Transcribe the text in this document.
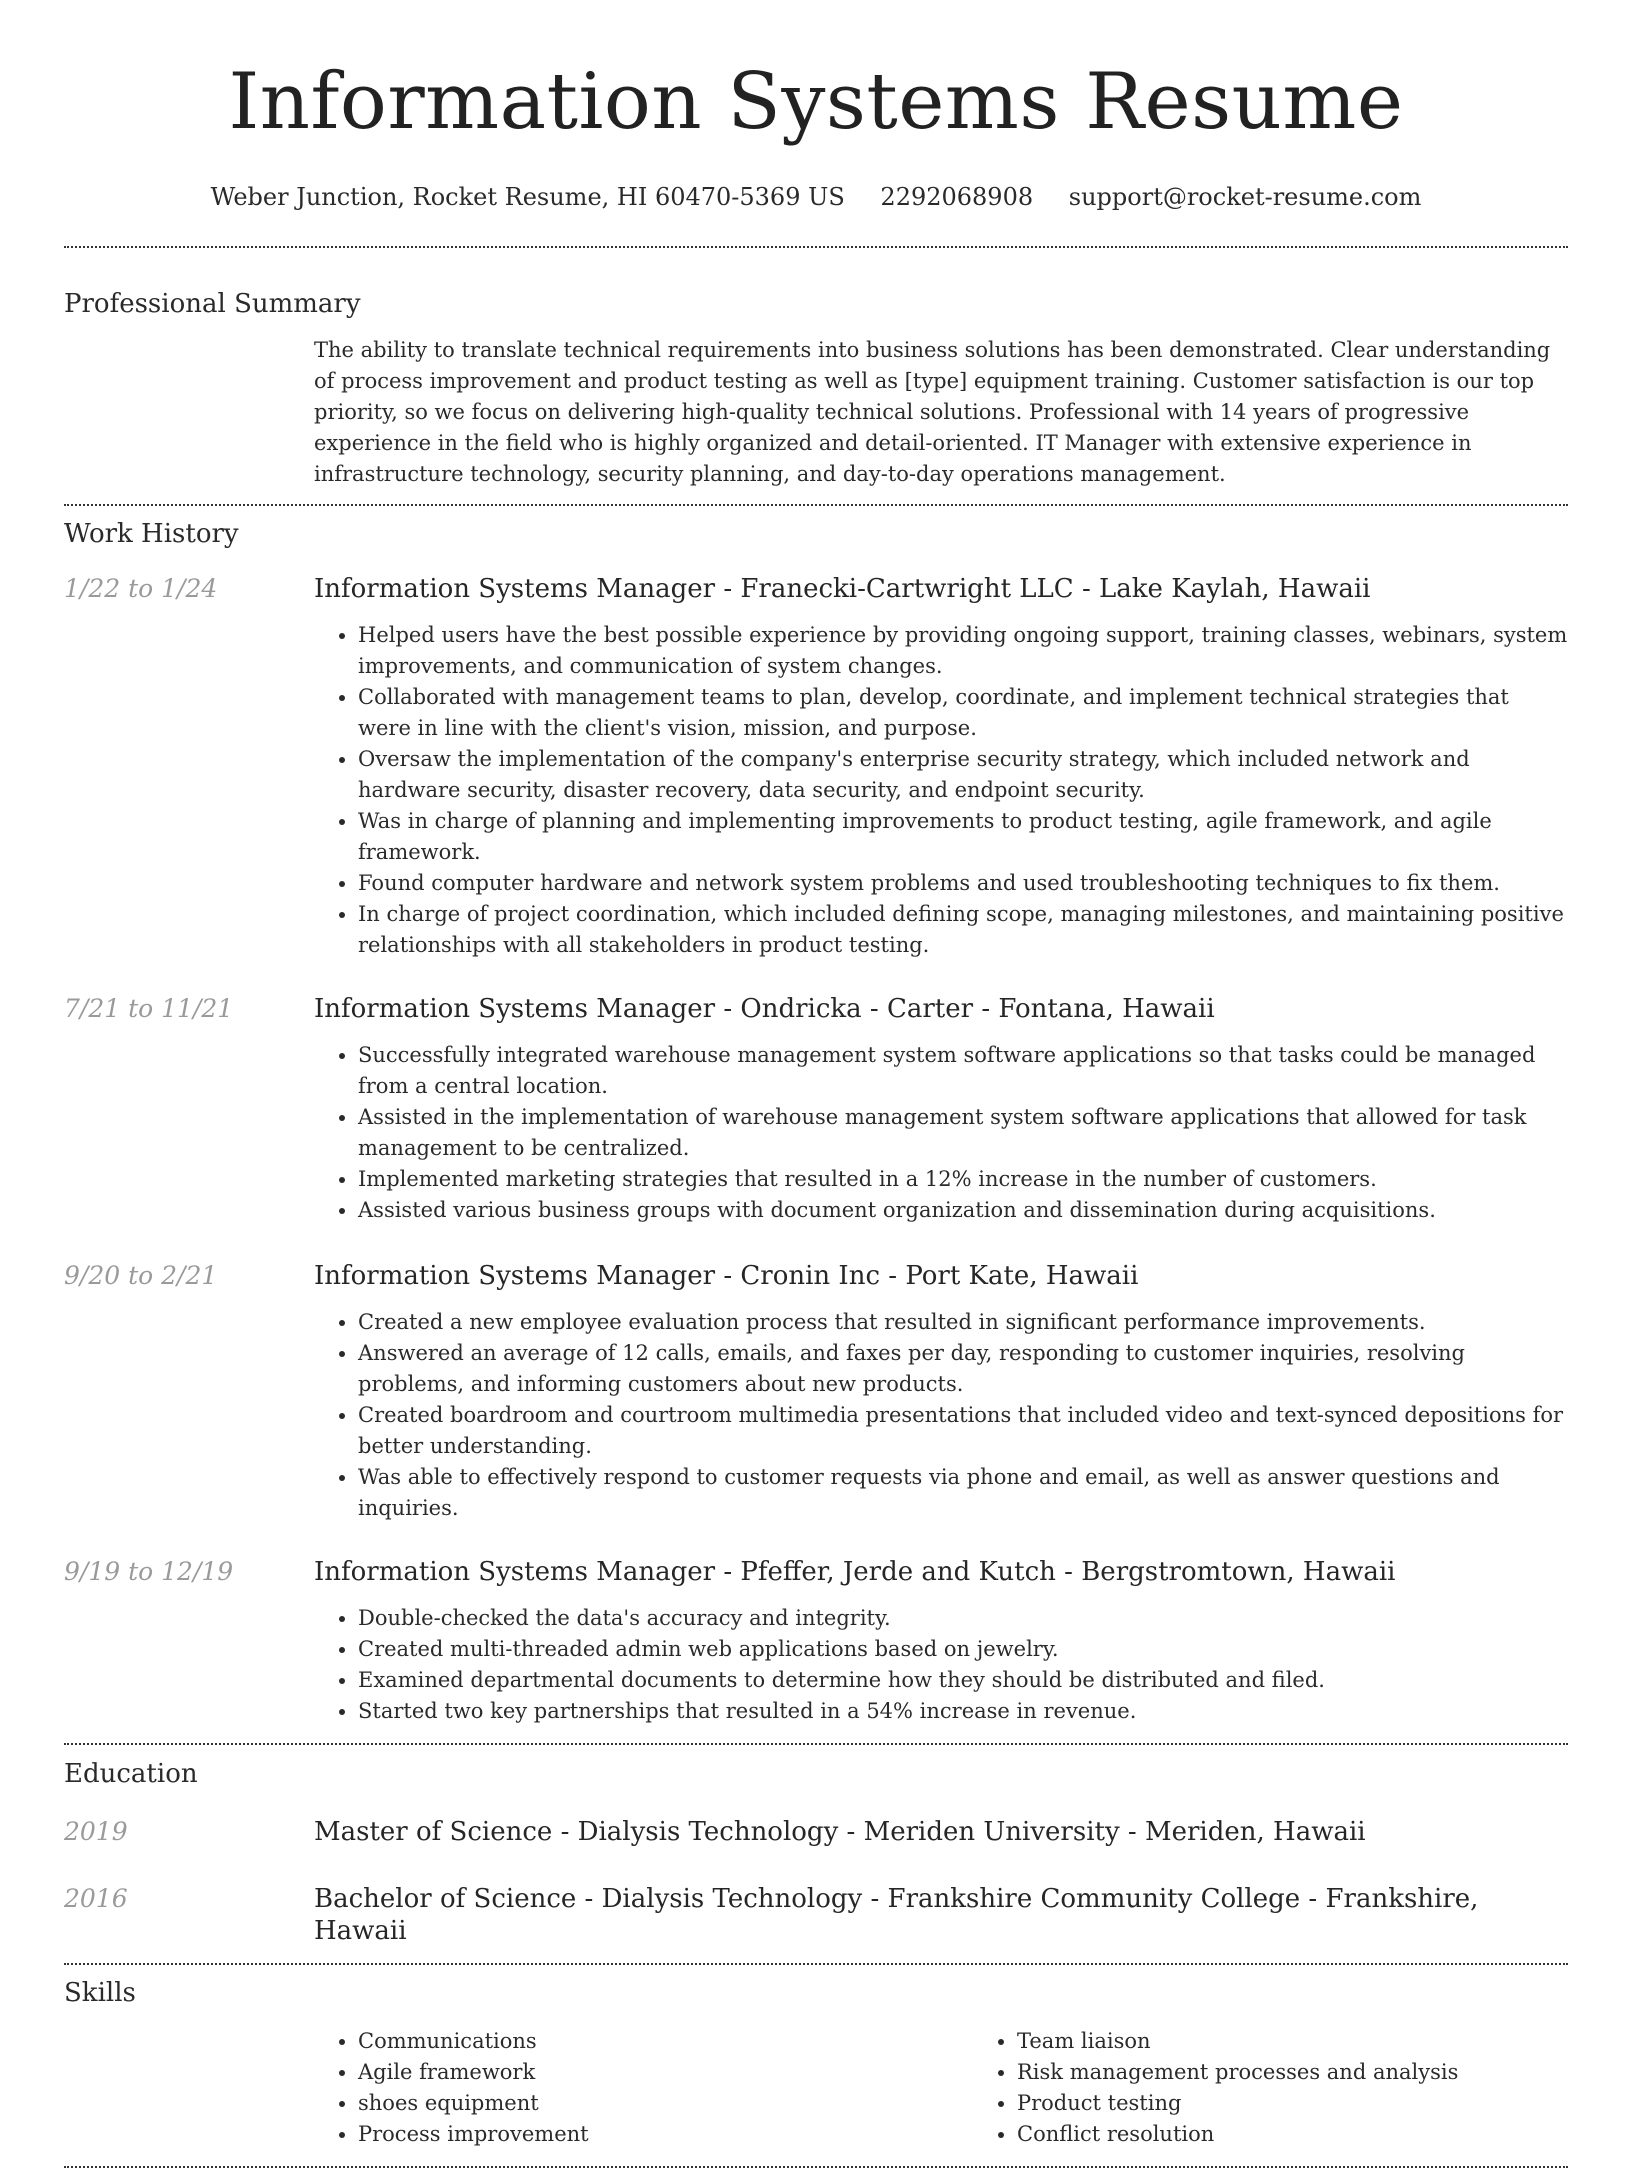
Information Systems Resume
Weber Junction, Rocket Resume, HI 60470-5369 US 2292068908 support@rocket-resume.com
Professional Summary
The ability to translate technical requirements into business solutions has been demonstrated. Clear understanding of process improvement and product testing as well as [type] equipment training. Customer satisfaction is our top priority, so we focus on delivering high-quality technical solutions. Professional with 14 years of progressive experience in the field who is highly organized and detail-oriented. IT Manager with extensive experience in infrastructure technology, security planning, and day-to-day operations management.
Work History
1/22 to 1/24	Information Systems Manager - Franecki-Cartwright LLC - Lake Kaylah, Hawaii
• Helped users have the best possible experience by providing ongoing support, training classes, webinars, system improvements, and communication of system changes.
• Collaborated with management teams to plan, develop, coordinate, and implement technical strategies that were in line with the client's vision, mission, and purpose.
• Oversaw the implementation of the company's enterprise security strategy, which included network and hardware security, disaster recovery, data security, and endpoint security.
• Was in charge of planning and implementing improvements to product testing, agile framework, and agile framework.
• Found computer hardware and network system problems and used troubleshooting techniques to fix them.
• In charge of project coordination, which included defining scope, managing milestones, and maintaining positive relationships with all stakeholders in product testing.
7/21 to 11/21	Information Systems Manager - Ondricka - Carter - Fontana, Hawaii
• Successfully integrated warehouse management system software applications so that tasks could be managed from a central location.
• Assisted in the implementation of warehouse management system software applications that allowed for task management to be centralized.
• Implemented marketing strategies that resulted in a 12% increase in the number of customers.
• Assisted various business groups with document organization and dissemination during acquisitions.
9/20 to 2/21	Information Systems Manager - Cronin Inc - Port Kate, Hawaii
• Created a new employee evaluation process that resulted in significant performance improvements.
• Answered an average of 12 calls, emails, and faxes per day, responding to customer inquiries, resolving problems, and informing customers about new products.
• Created boardroom and courtroom multimedia presentations that included video and text-synced depositions for better understanding.
• Was able to effectively respond to customer requests via phone and email, as well as answer questions and inquiries.
9/19 to 12/19	Information Systems Manager - Pfeffer, Jerde and Kutch - Bergstromtown, Hawaii
• Double-checked the data's accuracy and integrity.
• Created multi-threaded admin web applications based on jewelry.
• Examined departmental documents to determine how they should be distributed and filed.
• Started two key partnerships that resulted in a 54% increase in revenue.
Education
2019	Master of Science - Dialysis Technology - Meriden University - Meriden, Hawaii
2016	Bachelor of Science - Dialysis Technology - Frankshire Community College - Frankshire, Hawaii
Skills
• Communications
• Agile framework
• shoes equipment
• Process improvement
• Team liaison
• Risk management processes and analysis
• Product testing
• Conflict resolution
